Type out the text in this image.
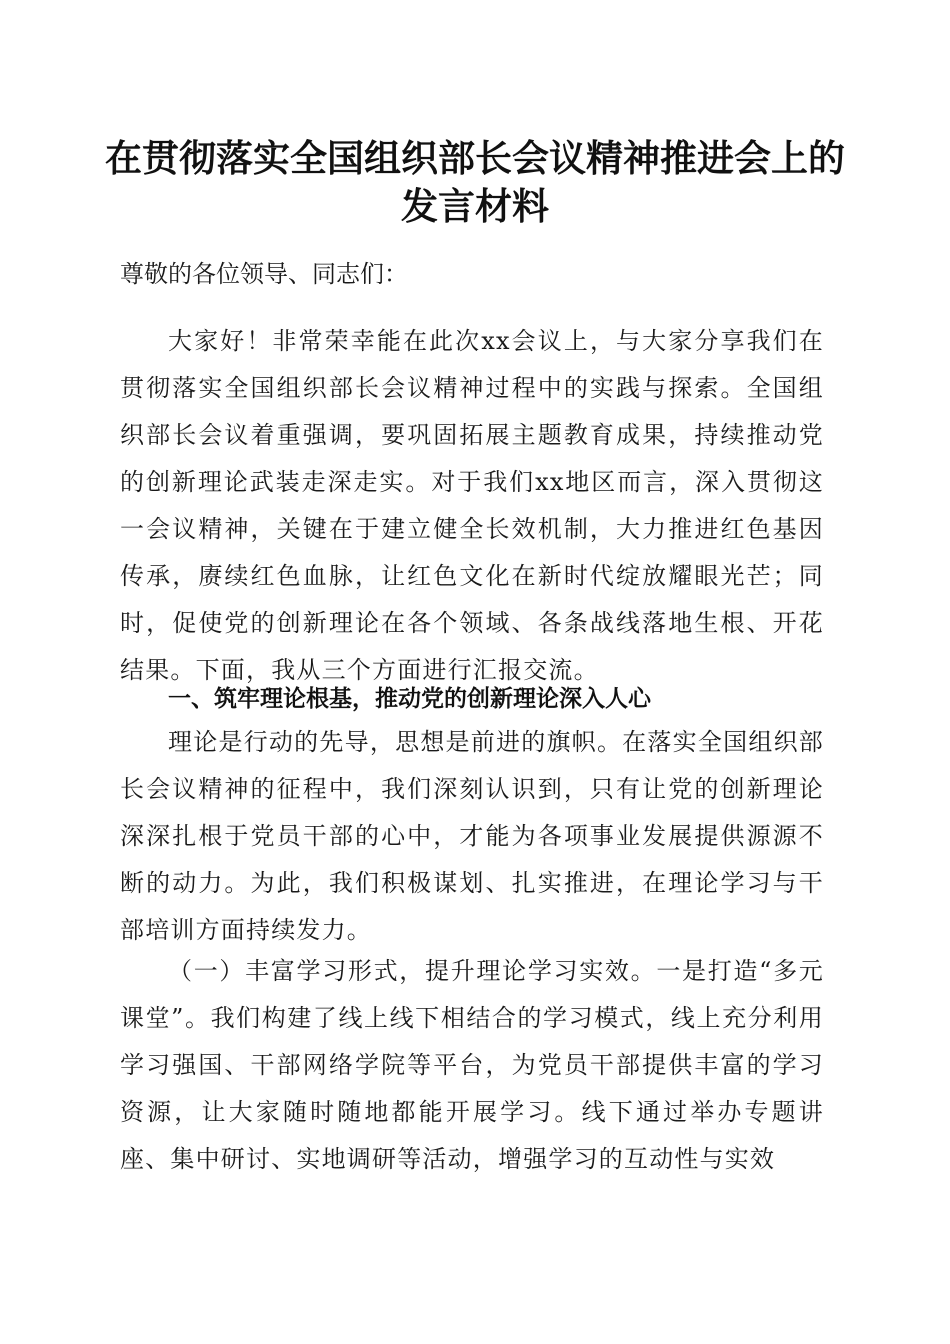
在贯彻落实全国组织部长会议精神推进会上的
发言材料
尊敬的各位领导、同志们：
大家好！非常荣幸能在此次xx会议上，与大家分享我们在贯彻落实全国组织部长会议精神过程中的实践与探索。全国组织部长会议着重强调，要巩固拓展主题教育成果，持续推动党的创新理论武装走深走实。对于我们xx地区而言，深入贯彻这一会议精神，关键在于建立健全长效机制，大力推进红色基因传承，赓续红色血脉，让红色文化在新时代绽放耀眼光芒；同时，促使党的创新理论在各个领域、各条战线落地生根、开花结果。下面，我从三个方面进行汇报交流。
一、筑牢理论根基，推动党的创新理论深入人心
理论是行动的先导，思想是前进的旗帜。在落实全国组织部长会议精神的征程中，我们深刻认识到，只有让党的创新理论深深扎根于党员干部的心中，才能为各项事业发展提供源源不断的动力。为此，我们积极谋划、扎实推进，在理论学习与干部培训方面持续发力。
（一）丰富学习形式，提升理论学习实效。一是打造“多元课堂”。我们构建了线上线下相结合的学习模式，线上充分利用学习强国、干部网络学院等平台，为党员干部提供丰富的学习资源，让大家随时随地都能开展学习。线下通过举办专题讲座、集中研讨、实地调研等活动，增强学习的互动性与实效
